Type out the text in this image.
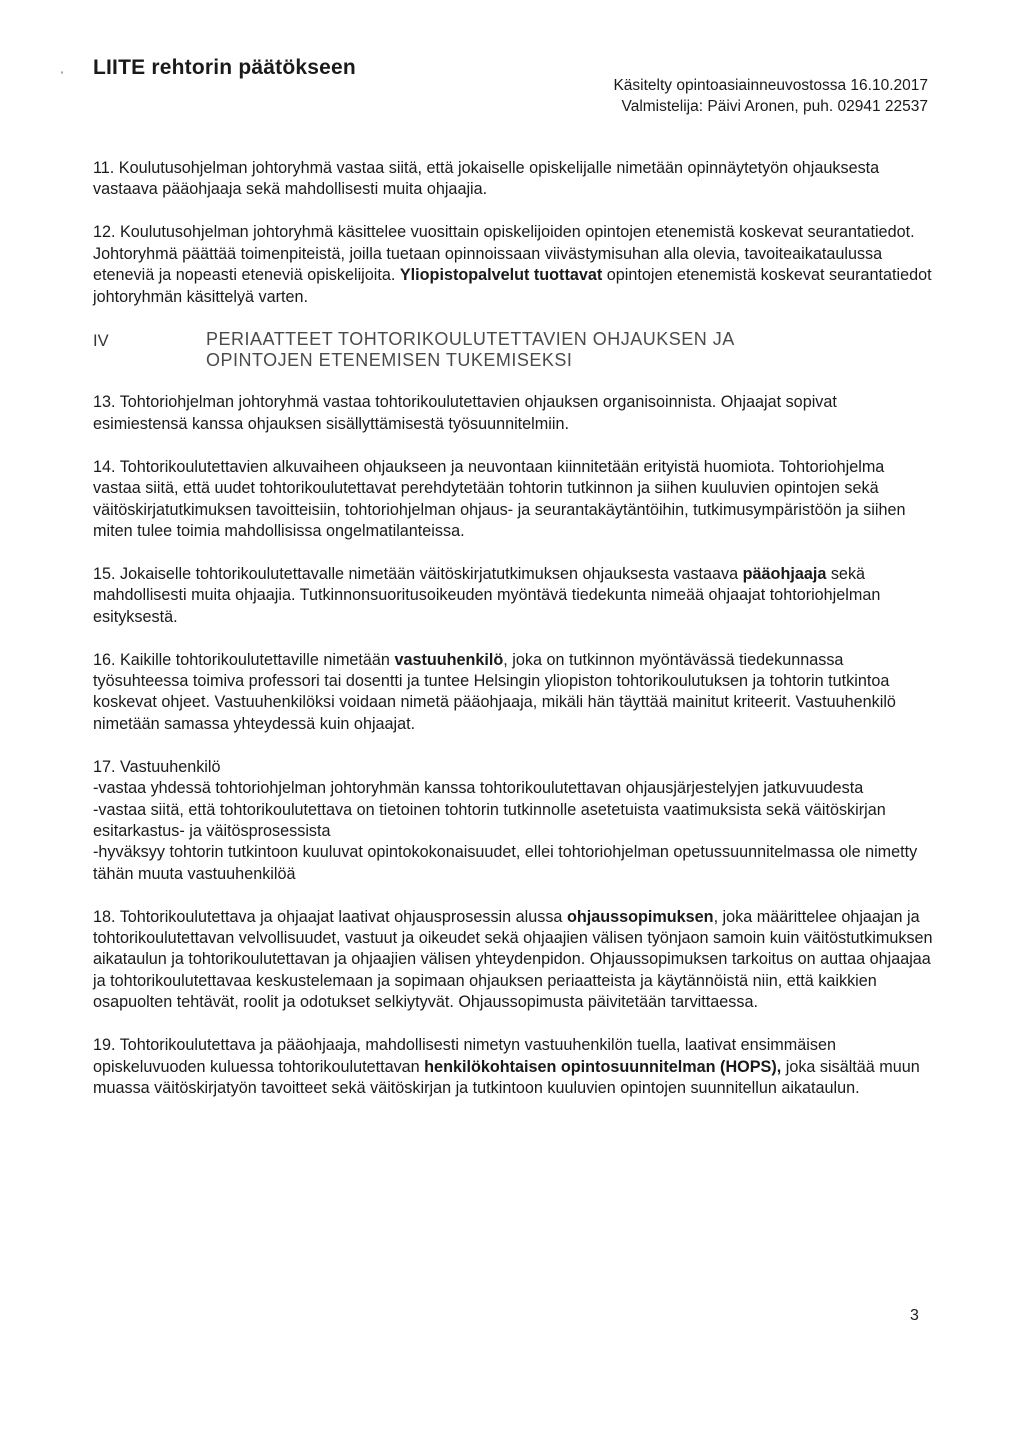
LIITE rehtorin päätökseen
Käsitelty opintoasiainneuvostossa 16.10.2017
Valmistelija: Päivi Aronen, puh. 02941 22537

11. Koulutusohjelman johtoryhmä vastaa siitä, että jokaiselle opiskelijalle nimetään opinnäytetyön ohjauksesta vastaava pääohjaaja sekä mahdollisesti muita ohjaajia.

12. Koulutusohjelman johtoryhmä käsittelee vuosittain opiskelijoiden opintojen etenemistä koskevat seurantatiedot. Johtoryhmä päättää toimenpiteistä, joilla tuetaan opinnoissaan viivästymisuhan alla olevia, tavoiteaikataulussa eteneviä ja nopeasti eteneviä opiskelijoita. Yliopistopalvelut tuottavat opintojen etenemistä koskevat seurantatiedot johtoryhmän käsittelyä varten.

IV	PERIAATTEET TOHTORIKOULUTETTAVIEN OHJAUKSEN JA
OPINTOJEN ETENEMISEN TUKEMISEKSI

13. Tohtoriohjelman johtoryhmä vastaa tohtorikoulutettavien ohjauksen organisoinnista. Ohjaajat sopivat esimiestensä kanssa ohjauksen sisällyttämisestä työsuunnitelmiin.

14. Tohtorikoulutettavien alkuvaiheen ohjaukseen ja neuvontaan kiinnitetään erityistä huomiota. Tohtoriohjelma vastaa siitä, että uudet tohtorikoulutettavat perehdytetään tohtorin tutkinnon ja siihen kuuluvien opintojen sekä väitöskirjatutkimuksen tavoitteisiin, tohtoriohjelman ohjaus- ja seurantakäytäntöihin, tutkimusympäristöön ja siihen miten tulee toimia mahdollisissa ongelmatilanteissa.

15. Jokaiselle tohtorikoulutettavalle nimetään väitöskirjatutkimuksen ohjauksesta vastaava pääohjaaja sekä mahdollisesti muita ohjaajia. Tutkinnonsuoritusoikeuden myöntävä tiedekunta nimeää ohjaajat tohtoriohjelman esityksestä.

16. Kaikille tohtorikoulutettaville nimetään vastuuhenkilö, joka on tutkinnon myöntävässä tiedekunnassa työsuhteessa toimiva professori tai dosentti ja tuntee Helsingin yliopiston tohtorikoulutuksen ja tohtorin tutkintoa koskevat ohjeet. Vastuuhenkilöksi voidaan nimetä pääohjaaja, mikäli hän täyttää mainitut kriteerit. Vastuuhenkilö nimetään samassa yhteydessä kuin ohjaajat.

17. Vastuuhenkilö
-vastaa yhdessä tohtoriohjelman johtoryhmän kanssa tohtorikoulutettavan ohjausjärjestelyjen jatkuvuudesta
-vastaa siitä, että tohtorikoulutettava on tietoinen tohtorin tutkinnolle asetetuista vaatimuksista sekä väitöskirjan esitarkastus- ja väitösprosessista
-hyväksyy tohtorin tutkintoon kuuluvat opintokokonaisuudet, ellei tohtoriohjelman opetussuunnitelmassa ole nimetty tähän muuta vastuuhenkilöä

18. Tohtorikoulutettava ja ohjaajat laativat ohjausprosessin alussa ohjaussopimuksen, joka määrittelee ohjaajan ja tohtorikoulutettavan velvollisuudet, vastuut ja oikeudet sekä ohjaajien välisen työnjaon samoin kuin väitöstutkimuksen aikataulun ja tohtorikoulutettavan ja ohjaajien välisen yhteydenpidon. Ohjaussopimuksen tarkoitus on auttaa ohjaajaa ja tohtorikoulutettavaa keskustelemaan ja sopimaan ohjauksen periaatteista ja käytännöistä niin, että kaikkien osapuolten tehtävät, roolit ja odotukset selkiytyvät. Ohjaussopimusta päivitetään tarvittaessa.

19. Tohtorikoulutettava ja pääohjaaja, mahdollisesti nimetyn vastuuhenkilön tuella, laativat ensimmäisen opiskeluvuoden kuluessa tohtorikoulutettavan henkilökohtaisen opintosuunnitelman (HOPS), joka sisältää muun muassa väitöskirjatyön tavoitteet sekä väitöskirjan ja tutkintoon kuuluvien opintojen suunnitellun aikataulun.

3
